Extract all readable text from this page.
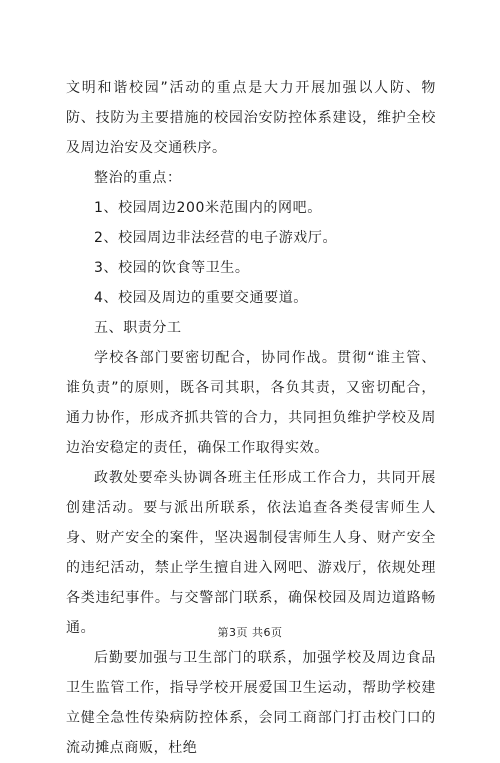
文明和谐校园”活动的重点是大力开展加强以人防、物防、技防为主要措施的校园治安防控体系建设，维护全校及周边治安及交通秩序。

整治的重点：

1、校园周边200米范围内的网吧。

2、校园周边非法经营的电子游戏厅。

3、校园的饮食等卫生。

4、校园及周边的重要交通要道。

五、职责分工

学校各部门要密切配合，协同作战。贯彻“谁主管、谁负责”的原则，既各司其职，各负其责，又密切配合，通力协作，形成齐抓共管的合力，共同担负维护学校及周边治安稳定的责任，确保工作取得实效。

政教处要牵头协调各班主任形成工作合力，共同开展创建活动。要与派出所联系，依法追查各类侵害师生人身、财产安全的案件，坚决遏制侵害师生人身、财产安全的违纪活动，禁止学生擅自进入网吧、游戏厅，依规处理各类违纪事件。与交警部门联系，确保校园及周边道路畅通。

后勤要加强与卫生部门的联系，加强学校及周边食品卫生监管工作，指导学校开展爱国卫生运动，帮助学校建立健全急性传染病防控体系，会同工商部门打击校门口的流动摊点商贩，杜绝

第3页 共6页
